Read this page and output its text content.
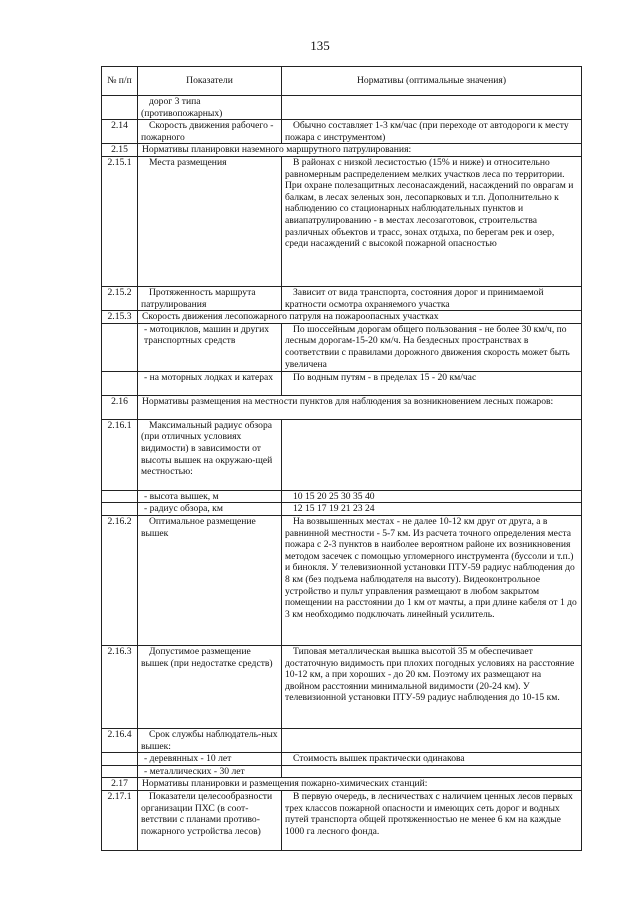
135
№ п/п	Показатели	Нормативы (оптимальные значения)
	дорог 3 типа (противопожарных)	
2.14	Скорость движения рабочего - пожарного	Обычно составляет 1-3 км/час (при переходе от автодороги к месту пожара с инструментом)
2.15	Нормативы планировки наземного маршрутного патрулирования:	
2.15.1	Места размещения	В районах с низкой лесистостью (15% и ниже) и относительно равномерным распределением мелких участков леса по территории. При охране полезащитных лесонасаждений, насаждений по оврагам и балкам, в лесах зеленых зон, лесопарковых и т.п. Дополнительно к наблюдению со стационарных наблюдательных пунктов и авиапатрулированию - в местах лесозаготовок, строительства различных объектов и трасс, зонах отдыха, по берегам рек и озер, среди насаждений с высокой пожарной опасностью
2.15.2	Протяженность маршрута патрулирования	Зависит от вида транспорта, состояния дорог и принимаемой кратности осмотра охраняемого участка
2.15.3	Скорость движения лесопожарного патруля на пожароопасных участках	
	- мотоциклов, машин и других транспортных средств	По шоссейным дорогам общего пользования - не более 30 км/ч, по лесным дорогам-15-20 км/ч. На бездесных пространствах в соответствии с правилами дорожного движения скорость может быть увеличена
	- на моторных лодках и катерах	По водным путям - в пределах 15 - 20 км/час
2.16	Нормативы размещения на местности пунктов для наблюдения за возникновением лесных пожаров:	
2.16.1	Максимальный радиус обзора (при отличных условиях видимости) в зависимости от высоты вышек на окружаю-щей местностью:	
	- высота вышек, м	10 15 20 25 30 35 40
	- радиус обзора, км	12 15 17 19 21 23 24
2.16.2	Оптимальное размещение вышек	На возвышенных местах - не далее 10-12 км друг от друга, а в равнинной местности - 5-7 км. Из расчета точного определения места пожара с 2-3 пунктов в наиболее вероятном районе их возникновения методом засечек с помощью угломерного инструмента (буссоли и т.п.) и бинокля. У телевизионной установки ПТУ-59 радиус наблюдения до 8 км (без подъема наблюдателя на высоту). Видеоконтрольное устройство и пульт управления размещают в любом закрытом помещении на расстоянии до 1 км от мачты, а при длине кабеля от 1 до 3 км необходимо подключать линейный усилитель.
2.16.3	Допустимое размещение вышек (при недостатке средств)	Типовая металлическая вышка высотой 35 м обеспечивает достаточную видимость при плохих погодных условиях на расстояние 10-12 км, а при хороших - до 20 км. Поэтому их размещают на двойном расстоянии минимальной видимости (20-24 км). У телевизионной установки ПТУ-59 радиус наблюдения до 10-15 км.
2.16.4	Срок службы наблюдатель-ных вышек:	
	- деревянных - 10 лет	Стоимость вышек практически одинакова
	- металлических - 30 лет	
2.17	Нормативы планировки и размещения пожарно-химических станций:	
2.17.1	Показатели целесообразности организации ПХС (в соот-ветствии с планами противо-пожарного устройства лесов)	В первую очередь, в лесничествах с наличием ценных лесов первых трех классов пожарной опасности и имеющих сеть дорог и водных путей транспорта общей протяженностью не менее 6 км на каждые 1000 га лесного фонда.
